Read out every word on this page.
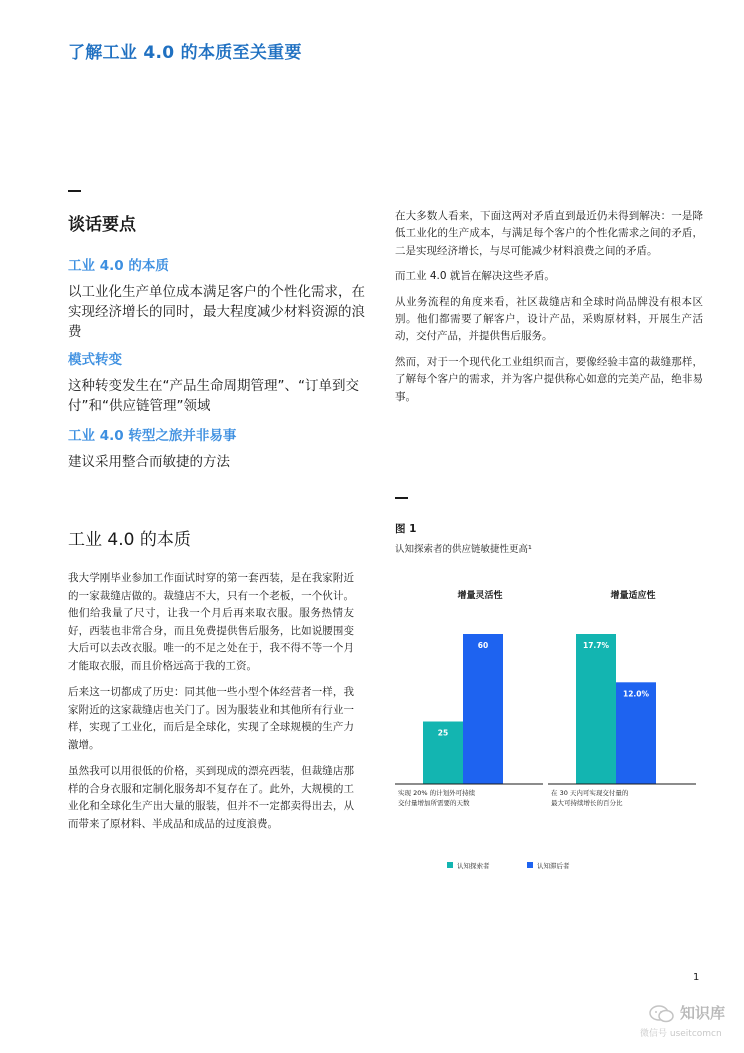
了解工业 4.0 的本质至关重要
谈话要点
工业 4.0 的本质
以工业化生产单位成本满足客户的个性化需求，在实现经济增长的同时，最大程度减少材料资源的浪费
模式转变
这种转变发生在“产品生命周期管理”、“订单到交付”和“供应链管理”领域
工业 4.0 转型之旅并非易事
建议采用整合而敏捷的方法
工业 4.0 的本质

我大学刚毕业参加工作面试时穿的第一套西装，是在我家附近的一家裁缝店做的。裁缝店不大，只有一个老板，一个伙计。他们给我量了尺寸，让我一个月后再来取衣服。服务热情友好，西装也非常合身，而且免费提供售后服务，比如说腰围变大后可以去改衣服。唯一的不足之处在于，我不得不等一个月才能取衣服，而且价格远高于我的工资。

后来这一切都成了历史：同其他一些小型个体经营者一样，我家附近的这家裁缝店也关门了。因为服装业和其他所有行业一样，实现了工业化，而后是全球化，实现了全球规模的生产力激增。

虽然我可以用很低的价格，买到现成的漂亮西装，但裁缝店那样的合身衣服和定制化服务却不复存在了。此外，大规模的工业化和全球化生产出大量的服装，但并不一定都卖得出去，从而带来了原材料、半成品和成品的过度浪费。

在大多数人看来，下面这两对矛盾直到最近仍未得到解决：一是降低工业化的生产成本，与满足每个客户的个性化需求之间的矛盾，二是实现经济增长，与尽可能减少材料浪费之间的矛盾。

而工业 4.0 就旨在解决这些矛盾。

从业务流程的角度来看，社区裁缝店和全球时尚品牌没有根本区别。他们都需要了解客户，设计产品，采购原材料，开展生产活动，交付产品，并提供售后服务。

然而，对于一个现代化工业组织而言，要像经验丰富的裁缝那样，了解每个客户的需求，并为客户提供称心如意的完美产品，绝非易事。

图 1
认知探索者的供应链敏捷性更高¹
增量灵活性
25
60
实现 20% 的计划外可持续交付量增加所需要的天数
增量适应性
17.7%
12.0%
在 30 天内可实现交付量的最大可持续增长的百分比
认知探索者	认知滞后者
1
知识库
微信号 useitcomcn
